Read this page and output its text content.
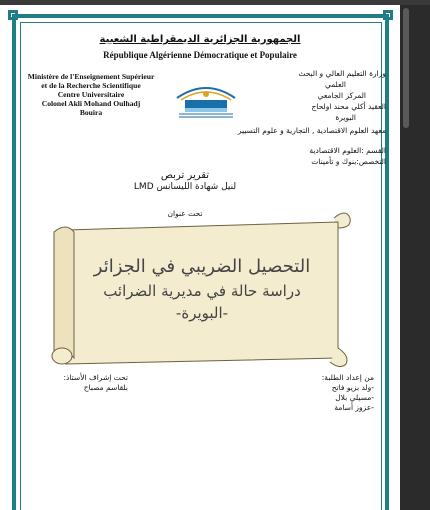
الجمهورية الجزائرية الديمقراطية الشعبية
République Algérienne Démocratique et Populaire
Ministère de l'Enseignement Supérieur
et de la Recherche Scientifique
Centre Universitaire
Colonel Akli Mohand Oulhadj
Bouira
وزارة التعليم العالي و البحث
العلمي
المركز الجامعي
العقيد أكلي محند اولحاج
البويرة
معهد العلوم الاقتصادية , التجارية و علوم التسيير
القسم :العلوم الاقتصادية
التخصص:بنوك و تأمينات
تقرير تربص
لنيل شهادة الليسانس LMD
تحت عنوان
التحصيل الضريبي في الجزائر
دراسة حالة في مديرية الضرائب
-البويرة-
من إعداد الطلبة:
-ولد بزيو فاتح
-مسيلي بلال
-عزوز أسامة
تحت إشراف الأستاذ:
بلقاسم مصباح
